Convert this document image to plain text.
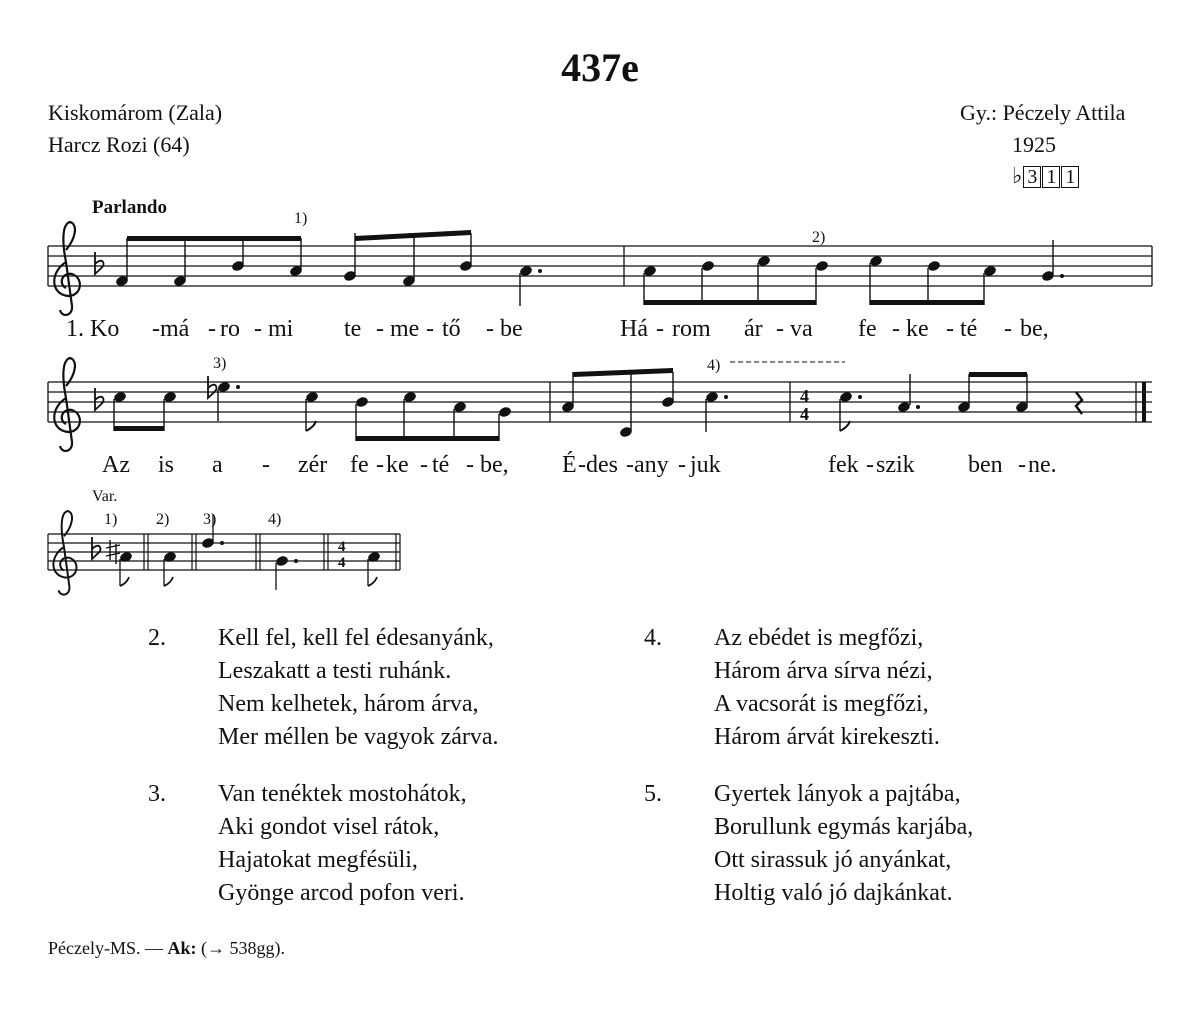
437e
Kiskomárom (Zala)
Harcz Rozi (64)
Gy.: Péczely Attila
1925
♭ 3 1 1
Parlando
1)
2)
3)	4)
4
4
4
4
Var.
1) 2) 3)	4)
1. Ko - má - ro - mi te - me - tő - be	Há - rom ár - va fe - ke - té - be,
Az is a - zér fe - ke - té - be, É - des - any - juk	fek - szik ben - ne.
2. Kell fel, kell fel édesanyánk,
Leszakatt a testi ruhánk.
Nem kelhetek, három árva,
Mer méllen be vagyok zárva.
3. Van tenéktek mostohátok,
Aki gondot visel rátok,
Hajatokat megfésüli,
Gyönge arcod pofon veri.
4. Az ebédet is megfőzi,
Három árva sírva nézi,
A vacsorát is megfőzi,
Három árvát kirekeszti.
5. Gyertek lányok a pajtába,
Borullunk egymás karjába,
Ott sirassuk jó anyánkat,
Holtig való jó dajkánkat.
Péczely-MS. — Ak: (→ 538gg).
